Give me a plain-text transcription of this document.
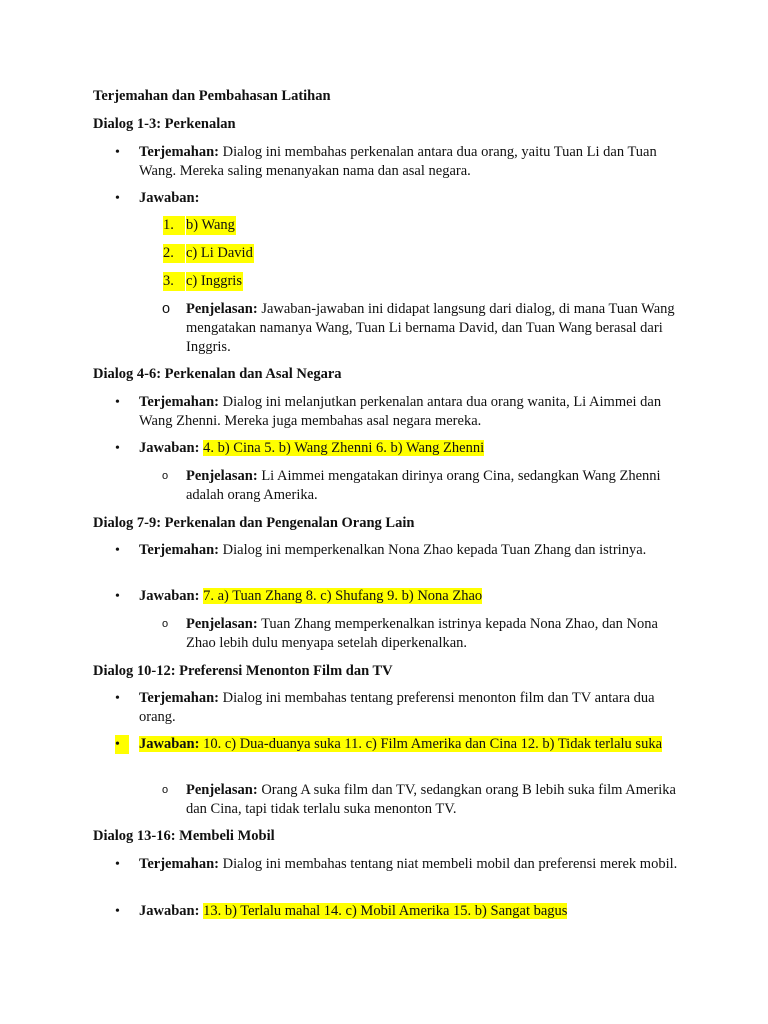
Terjemahan dan Pembahasan Latihan
Dialog 1-3: Perkenalan
•	Terjemahan: Dialog ini membahas perkenalan antara dua orang, yaitu Tuan Li dan Tuan Wang. Mereka saling menanyakan nama dan asal negara.
•	Jawaban:
1. b) Wang
2. c) Li David
3. c) Inggris
o	Penjelasan: Jawaban-jawaban ini didapat langsung dari dialog, di mana Tuan Wang mengatakan namanya Wang, Tuan Li bernama David, dan Tuan Wang berasal dari Inggris.
Dialog 4-6: Perkenalan dan Asal Negara
•	Terjemahan: Dialog ini melanjutkan perkenalan antara dua orang wanita, Li Aimmei dan Wang Zhenni. Mereka juga membahas asal negara mereka.
•	Jawaban: 4. b) Cina 5. b) Wang Zhenni 6. b) Wang Zhenni
o	Penjelasan: Li Aimmei mengatakan dirinya orang Cina, sedangkan Wang Zhenni adalah orang Amerika.
Dialog 7-9: Perkenalan dan Pengenalan Orang Lain
•	Terjemahan: Dialog ini memperkenalkan Nona Zhao kepada Tuan Zhang dan istrinya.
•	Jawaban: 7. a) Tuan Zhang 8. c) Shufang 9. b) Nona Zhao
o	Penjelasan: Tuan Zhang memperkenalkan istrinya kepada Nona Zhao, dan Nona Zhao lebih dulu menyapa setelah diperkenalkan.
Dialog 10-12: Preferensi Menonton Film dan TV
•	Terjemahan: Dialog ini membahas tentang preferensi menonton film dan TV antara dua orang.
•	Jawaban: 10. c) Dua-duanya suka 11. c) Film Amerika dan Cina 12. b) Tidak terlalu suka
o	Penjelasan: Orang A suka film dan TV, sedangkan orang B lebih suka film Amerika dan Cina, tapi tidak terlalu suka menonton TV.
Dialog 13-16: Membeli Mobil
•	Terjemahan: Dialog ini membahas tentang niat membeli mobil dan preferensi merek mobil.
•	Jawaban: 13. b) Terlalu mahal 14. c) Mobil Amerika 15. b) Sangat bagus
